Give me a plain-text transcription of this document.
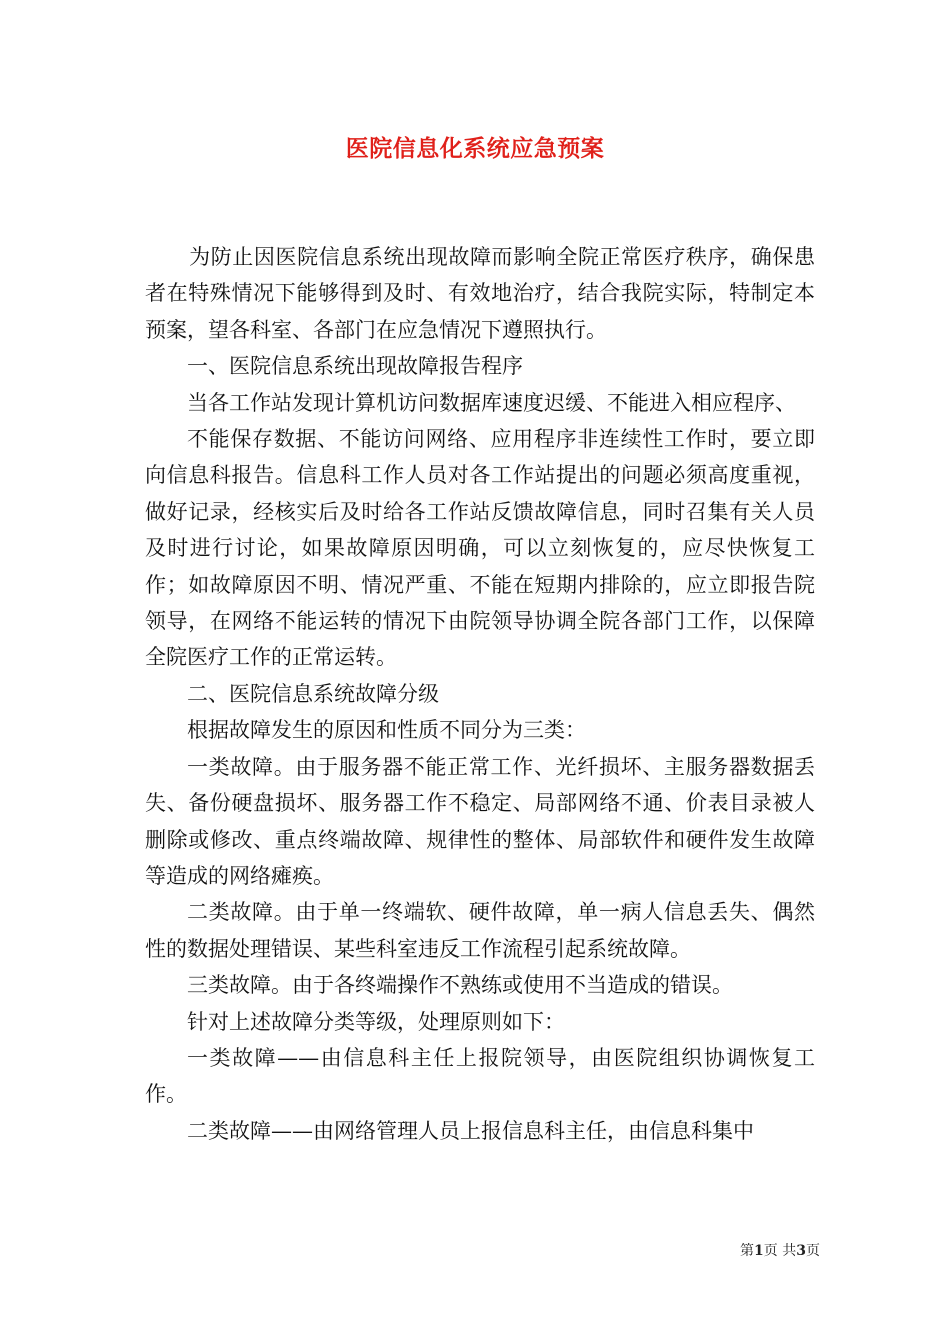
医院信息化系统应急预案

为防止因医院信息系统出现故障而影响全院正常医疗秩序，确保患者在特殊情况下能够得到及时、有效地治疗，结合我院实际，特制定本预案，望各科室、各部门在应急情况下遵照执行。

一、医院信息系统出现故障报告程序

当各工作站发现计算机访问数据库速度迟缓、不能进入相应程序、

不能保存数据、不能访问网络、应用程序非连续性工作时，要立即向信息科报告。信息科工作人员对各工作站提出的问题必须高度重视，做好记录，经核实后及时给各工作站反馈故障信息，同时召集有关人员及时进行讨论，如果故障原因明确，可以立刻恢复的，应尽快恢复工作；如故障原因不明、情况严重、不能在短期内排除的，应立即报告院领导，在网络不能运转的情况下由院领导协调全院各部门工作，以保障全院医疗工作的正常运转。

二、医院信息系统故障分级

根据故障发生的原因和性质不同分为三类：

一类故障。由于服务器不能正常工作、光纤损坏、主服务器数据丢失、备份硬盘损坏、服务器工作不稳定、局部网络不通、价表目录被人删除或修改、重点终端故障、规律性的整体、局部软件和硬件发生故障等造成的网络瘫痪。

二类故障。由于单一终端软、硬件故障，单一病人信息丢失、偶然性的数据处理错误、某些科室违反工作流程引起系统故障。

三类故障。由于各终端操作不熟练或使用不当造成的错误。

针对上述故障分类等级，处理原则如下：

一类故障——由信息科主任上报院领导，由医院组织协调恢复工作。

二类故障——由网络管理人员上报信息科主任，由信息科集中

第1页 共3页
